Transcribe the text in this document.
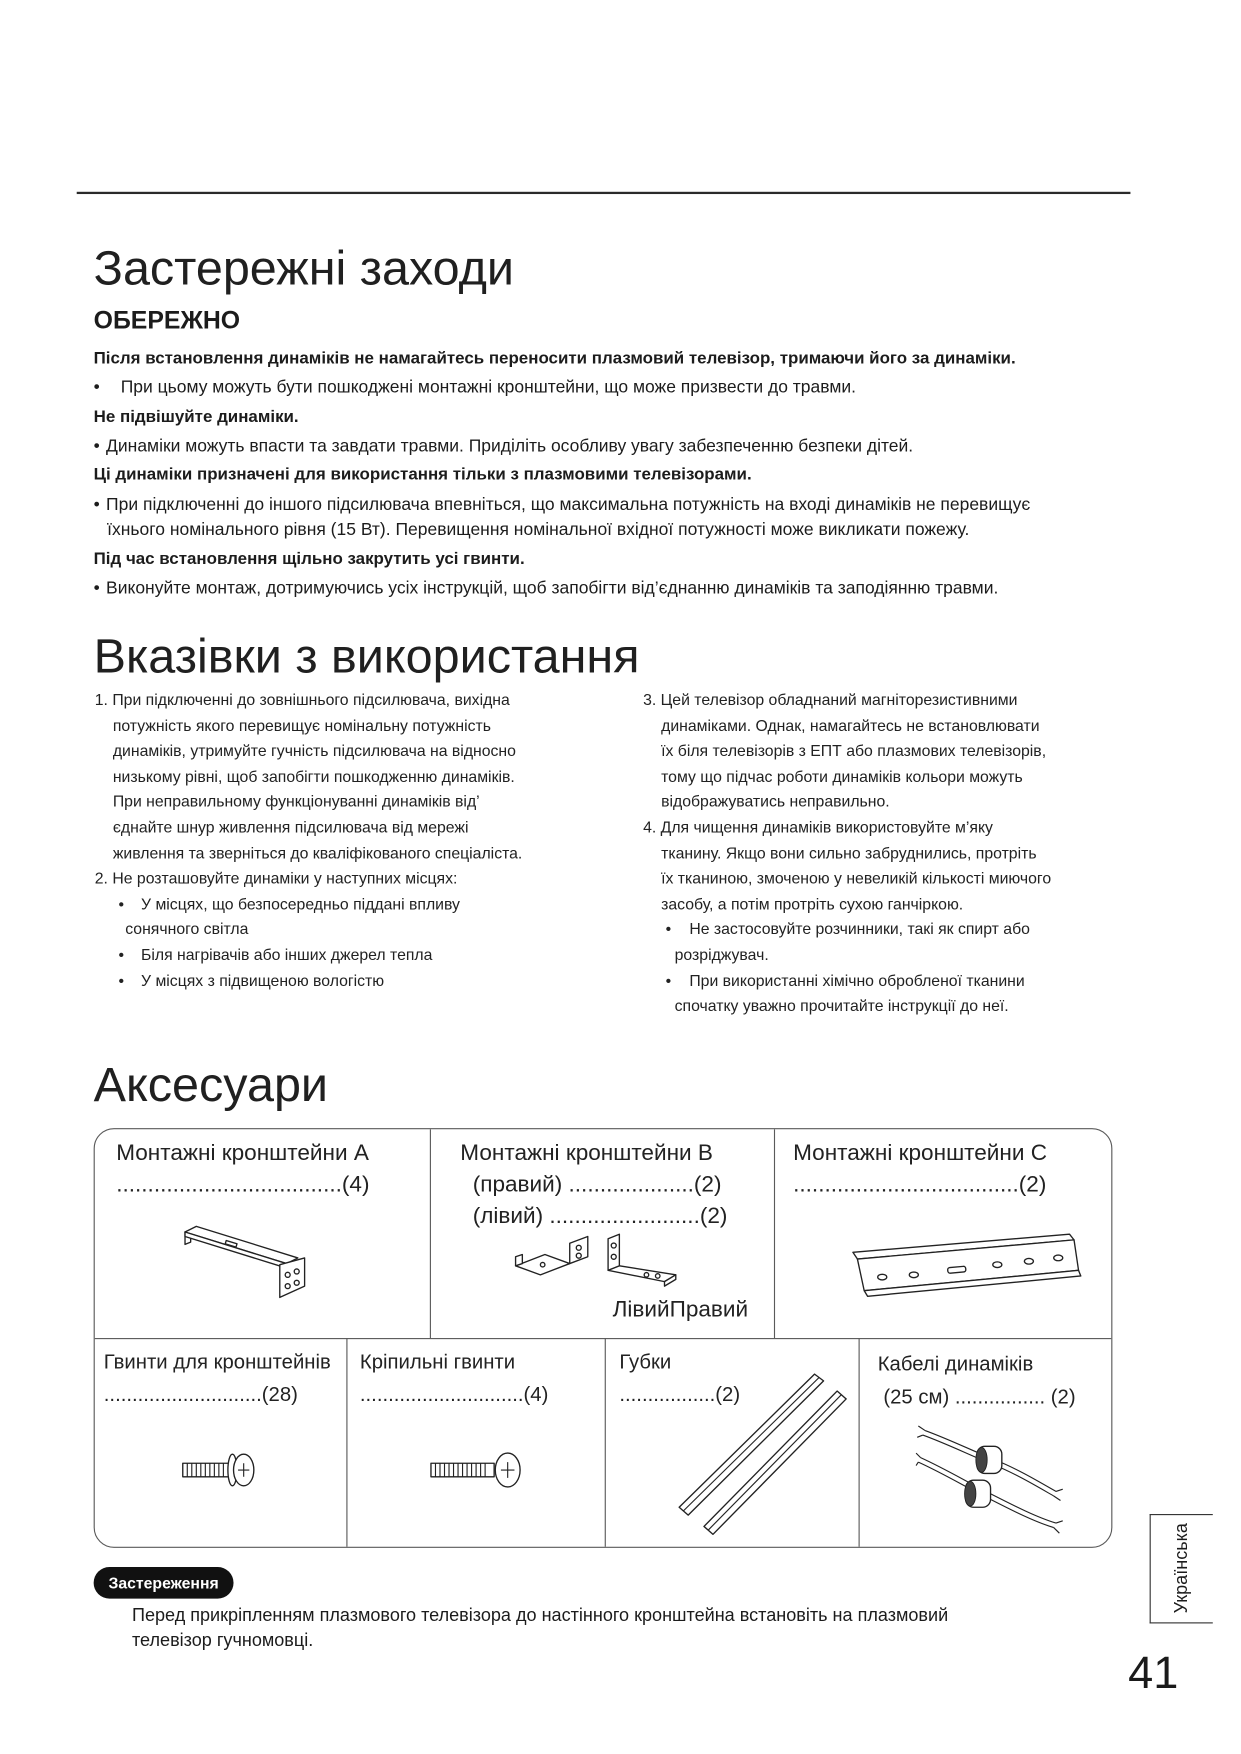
Застережні заходи
ОБЕРЕЖНО
Після встановлення динаміків не намагайтесь переносити плазмовий телевізор, тримаючи його за динаміки.
• При цьому можуть бути пошкоджені монтажні кронштейни, що може призвести до травми.
Не підвішуйте динаміки.
• Динаміки можуть впасти та завдати травми. Приділіть особливу увагу забезпеченню безпеки дітей.
Ці динаміки призначені для використання тільки з плазмовими телевізорами.
• При підключенні до іншого підсилювача впевніться, що максимальна потужність на вході динаміків не перевищує
їхнього номінального рівня (15 Вт). Перевищення номінальної вхідної потужності може викликати пожежу.
Під час встановлення щільно закрутить усі гвинти.
• Виконуйте монтаж, дотримуючись усіх інструкцій, щоб запобігти від’єднанню динаміків та заподіянню травми.
Вказівки з використання
1. При підключенні до зовнішнього підсилювача, вихідна
потужність якого перевищує номінальну потужність
динаміків, утримуйте гучність підсилювача на відносно
низькому рівні, щоб запобігти пошкодженню динаміків.
При неправильному функціонуванні динаміків від’
єднайте шнур живлення підсилювача від мережі
живлення та зверніться до кваліфікованого спеціаліста.
2. Не розташовуйте динаміки у наступних місцях:
• У місцях, що безпосередньо піддані впливу
сонячного світла
• Біля нагрівачів або інших джерел тепла
• У місцях з підвищеною вологістю
3. Цей телевізор обладнаний магніторезистивними
динаміками. Однак, намагайтесь не встановлювати
їх біля телевізорів з ЕПТ або плазмових телевізорів,
тому що підчас роботи динаміків кольори можуть
відображуватись неправильно.
4. Для чищення динаміків використовуйте м’яку
тканину. Якщо вони сильно забруднились, протріть
їх тканиною, змоченою у невеликій кількості миючого
засобу, а потім протріть сухою ганчіркою.
• Не застосовуйте розчинники, такі як спирт або
розріджувач.
• При використанні хімічно обробленої тканини
спочатку уважно прочитайте інструкції до неї.
Аксесуари
Монтажні кронштейни А
....................................(4)
Монтажні кронштейни В
(правий) ....................(2)
(лівий) ........................(2)
ЛівийПравий
Монтажні кронштейни С
....................................(2)
Гвинти для кронштейнів
............................(28)
Кріпильні гвинти
.............................(4)
Губки
.................(2)
Кабелі динаміків
(25 см) ................ (2)
Застереження
Перед прикріпленням плазмового телевізора до настінного кронштейна встановіть на плазмовий
телевізор гучномовці.
Українська
41
